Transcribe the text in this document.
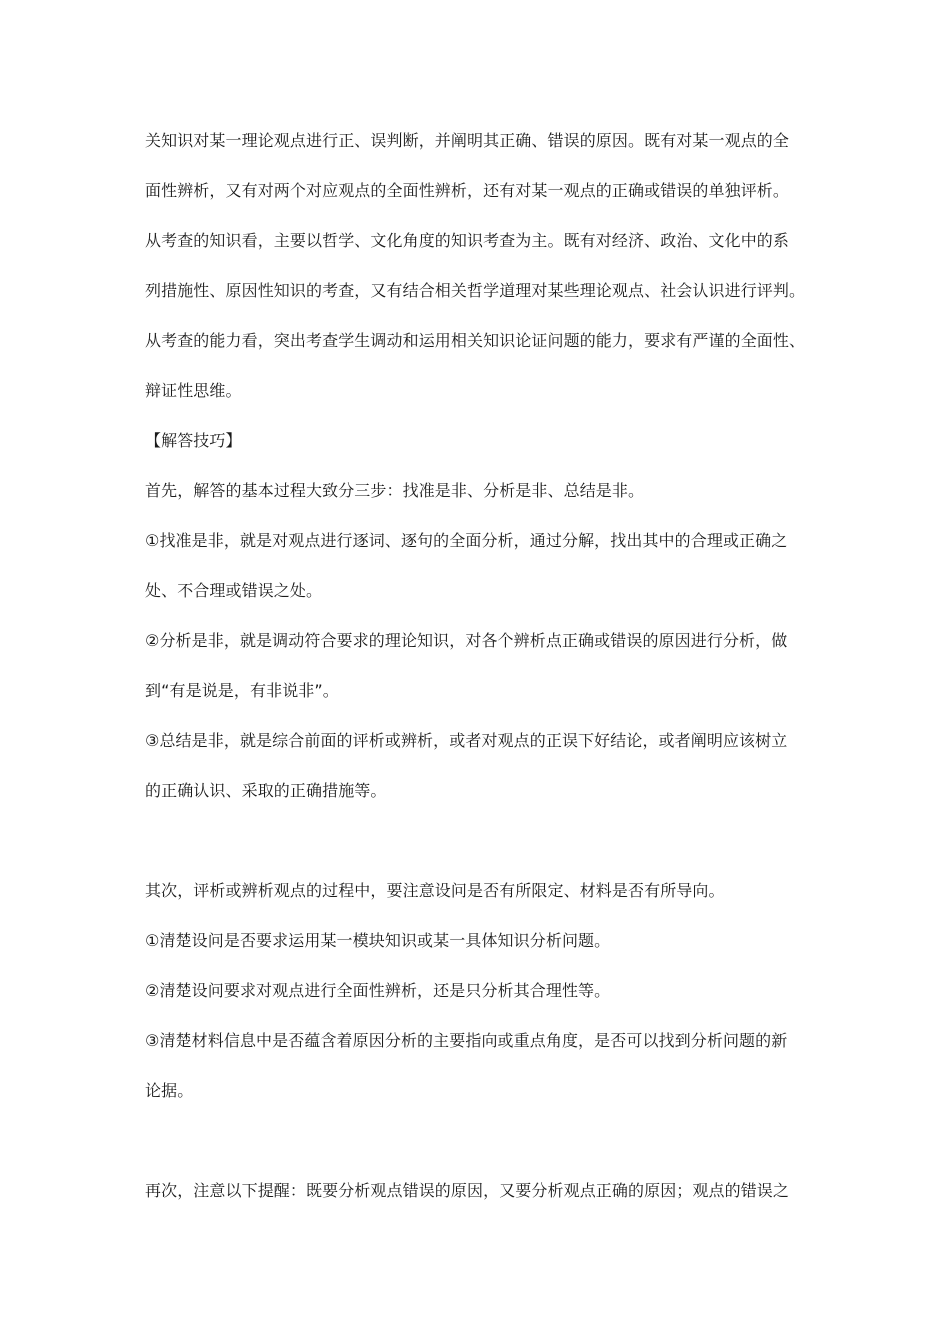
关知识对某一理论观点进行正、误判断，并阐明其正确、错误的原因。既有对某一观点的全
面性辨析，又有对两个对应观点的全面性辨析，还有对某一观点的正确或错误的单独评析。
从考查的知识看，主要以哲学、文化角度的知识考查为主。既有对经济、政治、文化中的系
列措施性、原因性知识的考查，又有结合相关哲学道理对某些理论观点、社会认识进行评判。
从考查的能力看，突出考查学生调动和运用相关知识论证问题的能力，要求有严谨的全面性、
辩证性思维。
【解答技巧】
首先，解答的基本过程大致分三步：找准是非、分析是非、总结是非。
①找准是非，就是对观点进行逐词、逐句的全面分析，通过分解，找出其中的合理或正确之
处、不合理或错误之处。
②分析是非，就是调动符合要求的理论知识，对各个辨析点正确或错误的原因进行分析，做
到“有是说是，有非说非”。
③总结是非，就是综合前面的评析或辨析，或者对观点的正误下好结论，或者阐明应该树立
的正确认识、采取的正确措施等。
其次，评析或辨析观点的过程中，要注意设问是否有所限定、材料是否有所导向。
①清楚设问是否要求运用某一模块知识或某一具体知识分析问题。
②清楚设问要求对观点进行全面性辨析，还是只分析其合理性等。
③清楚材料信息中是否蕴含着原因分析的主要指向或重点角度，是否可以找到分析问题的新
论据。
再次，注意以下提醒：既要分析观点错误的原因，又要分析观点正确的原因；观点的错误之
